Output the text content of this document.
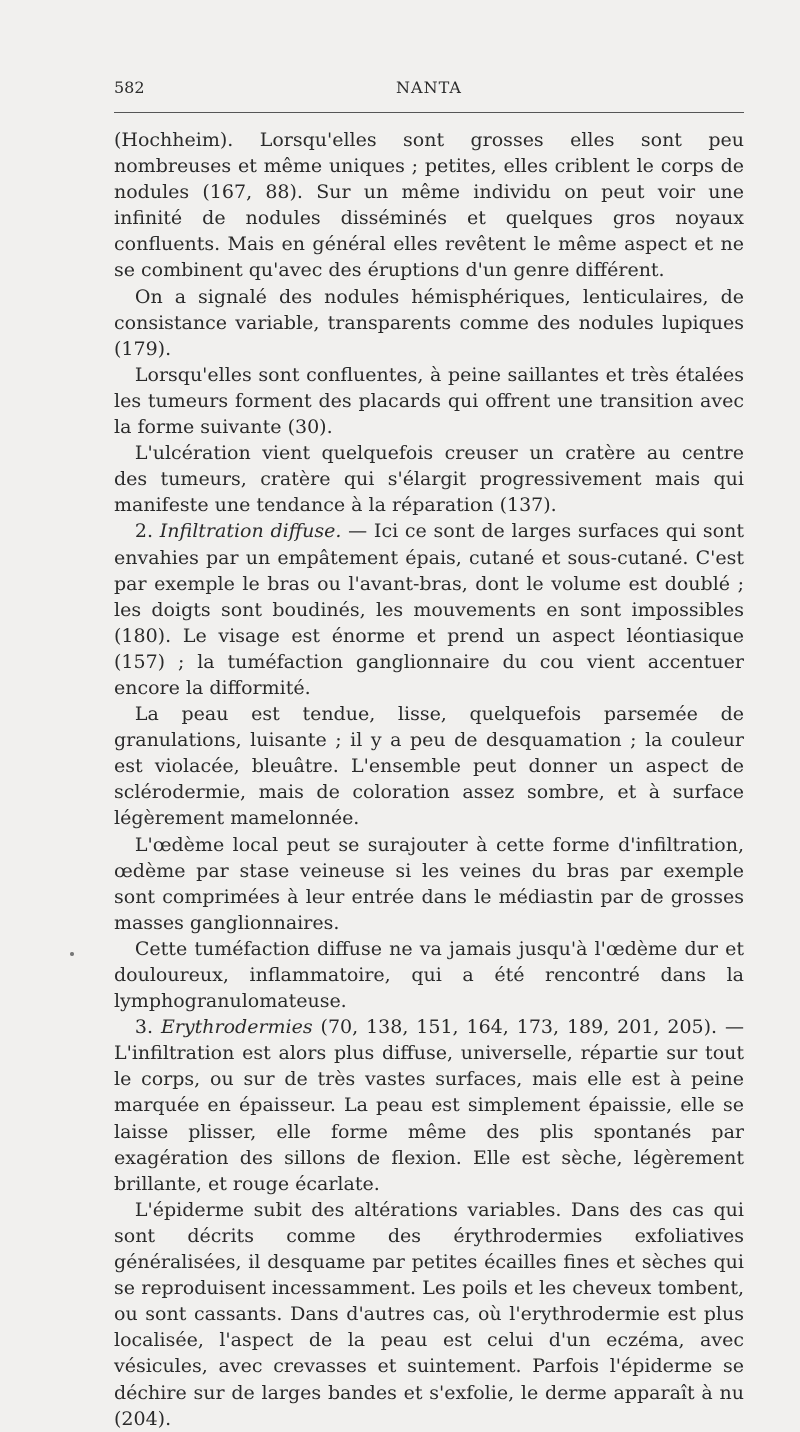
582	NANTA

(Hochheim). Lorsqu'elles sont grosses elles sont peu nombreuses et même uniques ; petites, elles criblent le corps de nodules (167, 88). Sur un même individu on peut voir une infinité de nodules disséminés et quelques gros noyaux confluents. Mais en général elles revêtent le même aspect et ne se combinent qu'avec des éruptions d'un genre différent.

On a signalé des nodules hémisphériques, lenticulaires, de consistance variable, transparents comme des nodules lupiques (179).

Lorsqu'elles sont confluentes, à peine saillantes et très étalées les tumeurs forment des placards qui offrent une transition avec la forme suivante (30).

L'ulcération vient quelquefois creuser un cratère au centre des tumeurs, cratère qui s'élargit progressivement mais qui manifeste une tendance à la réparation (137).

2. Infiltration diffuse. — Ici ce sont de larges surfaces qui sont envahies par un empâtement épais, cutané et sous-cutané. C'est par exemple le bras ou l'avant-bras, dont le volume est doublé ; les doigts sont boudinés, les mouvements en sont impossibles (180). Le visage est énorme et prend un aspect léontiasique (157) ; la tuméfaction ganglionnaire du cou vient accentuer encore la difformité.

La peau est tendue, lisse, quelquefois parsemée de granulations, luisante ; il y a peu de desquamation ; la couleur est violacée, bleuâtre. L'ensemble peut donner un aspect de sclérodermie, mais de coloration assez sombre, et à surface légèrement mamelonnée.

L'œdème local peut se surajouter à cette forme d'infiltration, œdème par stase veineuse si les veines du bras par exemple sont comprimées à leur entrée dans le médiastin par de grosses masses ganglionnaires.

Cette tuméfaction diffuse ne va jamais jusqu'à l'œdème dur et douloureux, inflammatoire, qui a été rencontré dans la lymphogranulomateuse.

3. Erythrodermies (70, 138, 151, 164, 173, 189, 201, 205). — L'infiltration est alors plus diffuse, universelle, répartie sur tout le corps, ou sur de très vastes surfaces, mais elle est à peine marquée en épaisseur. La peau est simplement épaissie, elle se laisse plisser, elle forme même des plis spontanés par exagération des sillons de flexion. Elle est sèche, légèrement brillante, et rouge écarlate.

L'épiderme subit des altérations variables. Dans des cas qui sont décrits comme des érythrodermies exfoliatives généralisées, il desquame par petites écailles fines et sèches qui se reproduisent incessamment. Les poils et les cheveux tombent, ou sont cassants. Dans d'autres cas, où l'erythrodermie est plus localisée, l'aspect de la peau est celui d'un eczéma, avec vésicules, avec crevasses et suintement. Parfois l'épiderme se déchire sur de larges bandes et s'exfolie, le derme apparaît à nu (204).
